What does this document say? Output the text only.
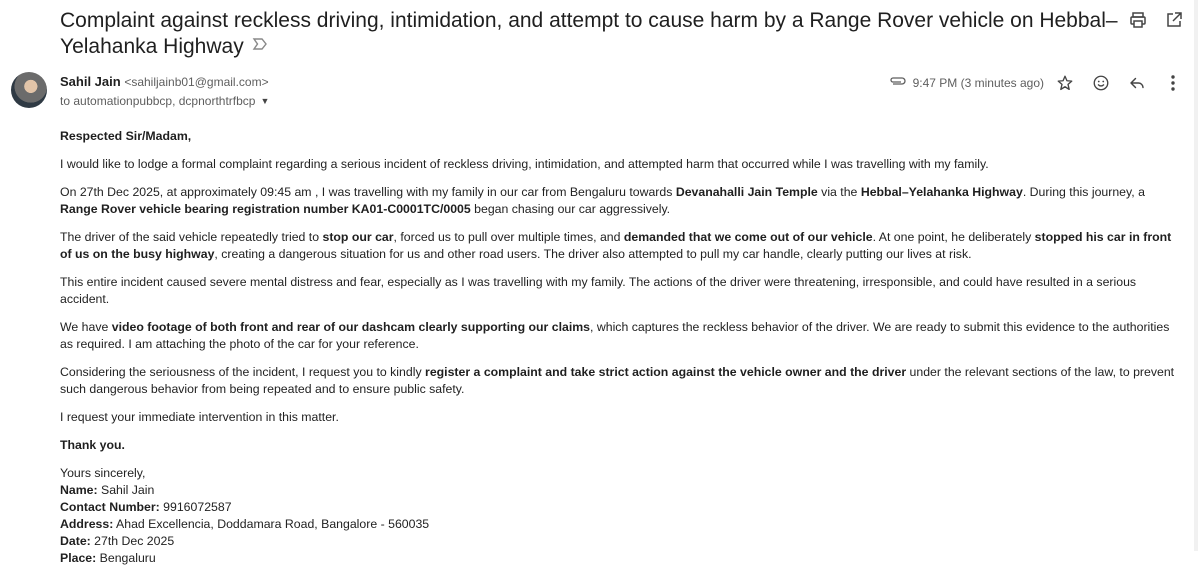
Complaint against reckless driving, intimidation, and attempt to cause harm by a Range Rover vehicle on Hebbal–Yelahanka Highway
Sahil Jain <sahiljainb01@gmail.com>
to automationpubbcp, dcpnorthtrfbcp ▼
9:47 PM (3 minutes ago)

Respected Sir/Madam,

I would like to lodge a formal complaint regarding a serious incident of reckless driving, intimidation, and attempted harm that occurred while I was travelling with my family.

On 27th Dec 2025, at approximately 09:45 am , I was travelling with my family in our car from Bengaluru towards Devanahalli Jain Temple via the Hebbal–Yelahanka Highway. During this journey, a Range Rover vehicle bearing registration number KA01-C0001TC/0005 began chasing our car aggressively.

The driver of the said vehicle repeatedly tried to stop our car, forced us to pull over multiple times, and demanded that we come out of our vehicle. At one point, he deliberately stopped his car in front of us on the busy highway, creating a dangerous situation for us and other road users. The driver also attempted to pull my car handle, clearly putting our lives at risk.

This entire incident caused severe mental distress and fear, especially as I was travelling with my family. The actions of the driver were threatening, irresponsible, and could have resulted in a serious accident.

We have video footage of both front and rear of our dashcam clearly supporting our claims, which captures the reckless behavior of the driver. We are ready to submit this evidence to the authorities as required. I am attaching the photo of the car for your reference.

Considering the seriousness of the incident, I request you to kindly register a complaint and take strict action against the vehicle owner and the driver under the relevant sections of the law, to prevent such dangerous behavior from being repeated and to ensure public safety.

I request your immediate intervention in this matter.

Thank you.

Yours sincerely,
Name: Sahil Jain
Contact Number: 9916072587
Address: Ahad Excellencia, Doddamara Road, Bangalore - 560035
Date: 27th Dec 2025
Place: Bengaluru
